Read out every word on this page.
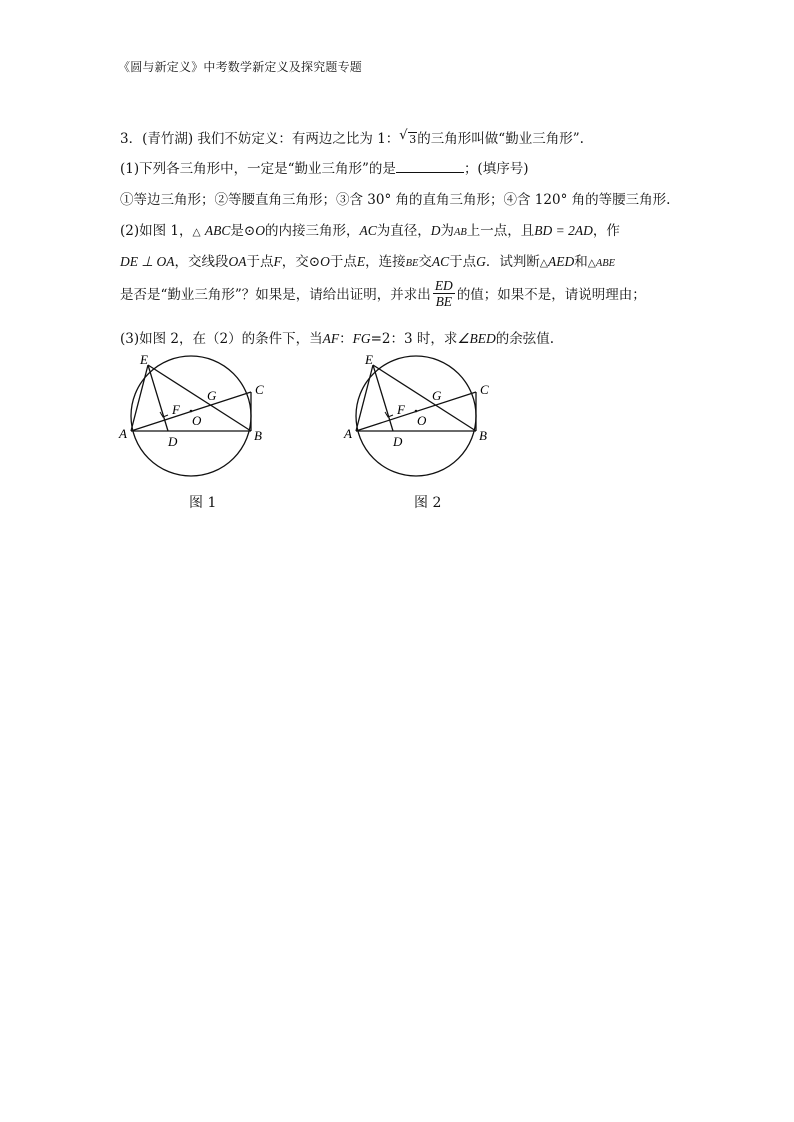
《圆与新定义》中考数学新定义及探究题专题
3．(青竹湖) 我们不妨定义：有两边之比为 1： √ 3的三角形叫做“勤业三角形”.
(1)下列各三角形中，一定是“勤业三角形”的是	；(填序号)
①等边三角形；②等腰直角三角形；③含 30° 角的直角三角形；④含 120° 角的等腰三角形.
(2)如图 1，△ ABC是⊙O的内接三角形，AC为直径，D为AB上一点，且BD = 2AD，作
DE ⊥ OA，交线段OA于点F，交⊙O于点E，连接BE交AC于点G．试判断△AED和△ABE
是否是“勤业三角形”？如果是，请给出证明，并求出 $\frac{ED}{BE}$ 的值；如果不是，请说明理由；
(3)如图 2，在（2）的条件下，当AF：FG=2：3 时，求∠BED的余弦值.
E
C
G
F
O
A
D	B
E
C
G
F
O
A
D	B
图 1	图 2
